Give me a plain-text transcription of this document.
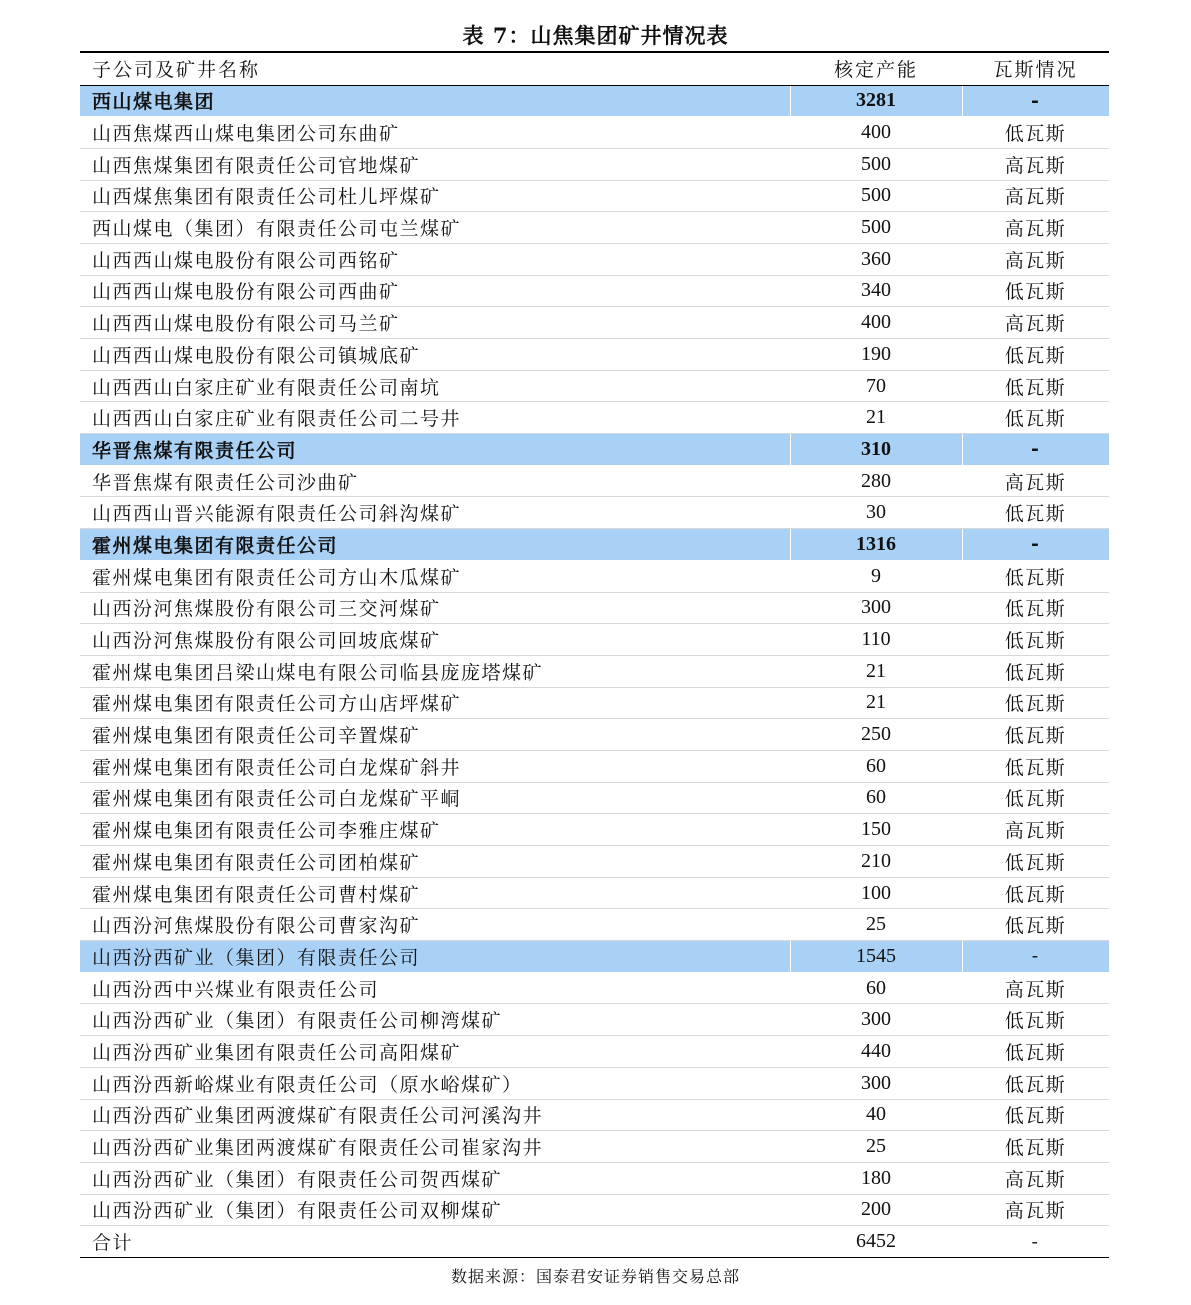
表 7：山焦集团矿井情况表
子公司及矿井名称	核定产能	瓦斯情况
西山煤电集团	3281	-
山西焦煤西山煤电集团公司东曲矿	400	低瓦斯
山西焦煤集团有限责任公司官地煤矿	500	高瓦斯
山西煤焦集团有限责任公司杜儿坪煤矿	500	高瓦斯
西山煤电（集团）有限责任公司屯兰煤矿	500	高瓦斯
山西西山煤电股份有限公司西铭矿	360	高瓦斯
山西西山煤电股份有限公司西曲矿	340	低瓦斯
山西西山煤电股份有限公司马兰矿	400	高瓦斯
山西西山煤电股份有限公司镇城底矿	190	低瓦斯
山西西山白家庄矿业有限责任公司南坑	70	低瓦斯
山西西山白家庄矿业有限责任公司二号井	21	低瓦斯
华晋焦煤有限责任公司	310	-
华晋焦煤有限责任公司沙曲矿	280	高瓦斯
山西西山晋兴能源有限责任公司斜沟煤矿	30	低瓦斯
霍州煤电集团有限责任公司	1316	-
霍州煤电集团有限责任公司方山木瓜煤矿	9	低瓦斯
山西汾河焦煤股份有限公司三交河煤矿	300	低瓦斯
山西汾河焦煤股份有限公司回坡底煤矿	110	低瓦斯
霍州煤电集团吕梁山煤电有限公司临县庞庞塔煤矿	21	低瓦斯
霍州煤电集团有限责任公司方山店坪煤矿	21	低瓦斯
霍州煤电集团有限责任公司辛置煤矿	250	低瓦斯
霍州煤电集团有限责任公司白龙煤矿斜井	60	低瓦斯
霍州煤电集团有限责任公司白龙煤矿平峒	60	低瓦斯
霍州煤电集团有限责任公司李雅庄煤矿	150	高瓦斯
霍州煤电集团有限责任公司团柏煤矿	210	低瓦斯
霍州煤电集团有限责任公司曹村煤矿	100	低瓦斯
山西汾河焦煤股份有限公司曹家沟矿	25	低瓦斯
山西汾西矿业（集团）有限责任公司	1545	-
山西汾西中兴煤业有限责任公司	60	高瓦斯
山西汾西矿业（集团）有限责任公司柳湾煤矿	300	低瓦斯
山西汾西矿业集团有限责任公司高阳煤矿	440	低瓦斯
山西汾西新峪煤业有限责任公司（原水峪煤矿）	300	低瓦斯
山西汾西矿业集团两渡煤矿有限责任公司河溪沟井	40	低瓦斯
山西汾西矿业集团两渡煤矿有限责任公司崔家沟井	25	低瓦斯
山西汾西矿业（集团）有限责任公司贺西煤矿	180	高瓦斯
山西汾西矿业（集团）有限责任公司双柳煤矿	200	高瓦斯
合计	6452	-
数据来源：国泰君安证券销售交易总部
